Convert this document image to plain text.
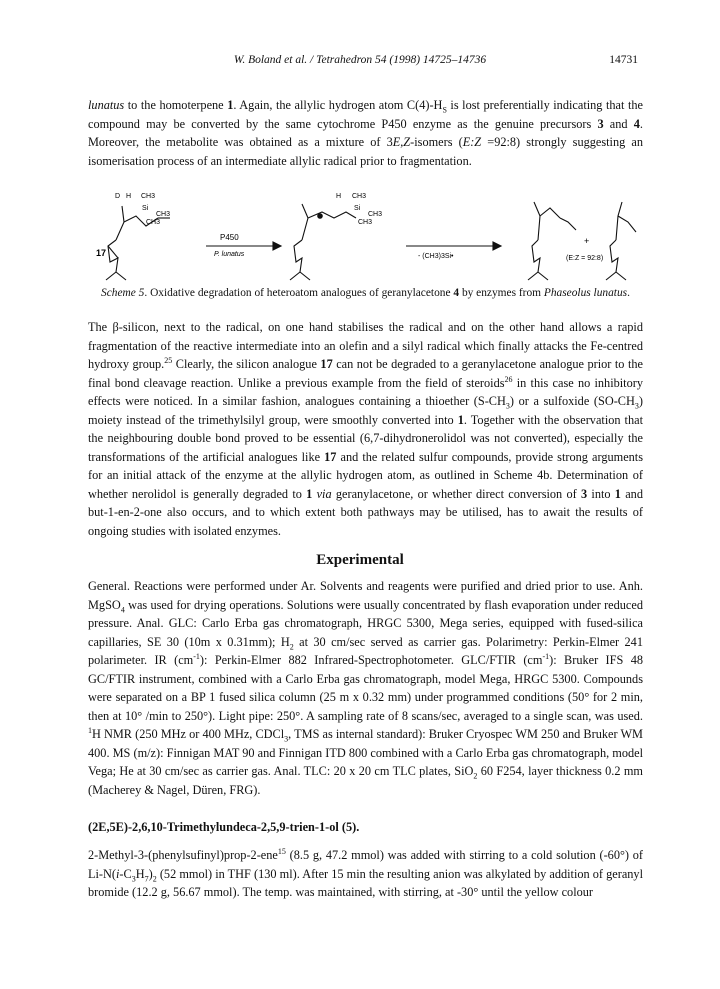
W. Boland et al. / Tetrahedron 54 (1998) 14725–14736	14731
lunatus to the homoterpene 1. Again, the allylic hydrogen atom $C(4)-H_S$ is lost preferentially indicating that the compound may be converted by the same cytochrome P450 enzyme as the genuine precursors 3 and 4. Moreover, the metabolite was obtained as a mixture of 3E,Z-isomers (E:Z =92:8) strongly suggesting an isomerisation process of an intermediate allylic radical prior to fragmentation.
D H CH3
Si
CH3
CH3
17
P450
P. lunatus
H CH3
Si
CH3
CH3
- (CH3)3Si•
+
(E:Z = 92:8)
Scheme 5. Oxidative degradation of heteroatom analogues of geranylacetone 4 by enzymes from Phaseolus lunatus.
The β-silicon, next to the radical, on one hand stabilises the radical and on the other hand allows a rapid fragmentation of the reactive intermediate into an olefin and a silyl radical which finally attacks the Fe-centred hydroxy group.$^{25}$ Clearly, the silicon analogue 17 can not be degraded to a geranylacetone analogue prior to the final bond cleavage reaction. Unlike a previous example from the field of steroids$^{26}$ in this case no inhibitory effects were noticed. In a similar fashion, analogues containing a thioether $(S-CH_3)$ or a sulfoxide $(SO-CH_3)$ moiety instead of the trimethylsilyl group, were smoothly converted into 1. Together with the observation that the neighbouring double bond proved to be essential (6,7-dihydronerolidol was not converted), especially the transformations of the artificial analogues like 17 and the related sulfur compounds, provide strong arguments for an initial attack of the enzyme at the allylic hydrogen atom, as outlined in Scheme 4b. Determination of whether nerolidol is generally degraded to 1 via geranylacetone, or whether direct conversion of 3 into 1 and but-1-en-2-one also occurs, and to which extent both pathways may be utilised, has to await the results of ongoing studies with isolated enzymes.
Experimental
General. Reactions were performed under Ar. Solvents and reagents were purified and dried prior to use. Anh. MgSO$_4$ was used for drying operations. Solutions were usually concentrated by flash evaporation under reduced pressure. Anal. GLC: Carlo Erba gas chromatograph, HRGC 5300, Mega series, equipped with fused-silica capillaries, SE 30 (10m x 0.31mm); $H_2$ at 30 cm/sec served as carrier gas. Polarimetry: Perkin-Elmer 241 polarimeter. IR $(cm^{-1})$: Perkin-Elmer 882 Infrared-Spectrophotometer. GLC/FTIR $(cm^{-1})$: Bruker IFS 48 GC/FTIR instrument, combined with a Carlo Erba gas chromatograph, model Mega, HRGC 5300. Compounds were separated on a BP 1 fused silica column (25 m x 0.32 mm) under programmed conditions (50° for 2 min, then at 10° /min to 250°). Light pipe: 250°. A sampling rate of 8 scans/sec, averaged to a single scan, was used. $^1$H NMR (250 MHz or 400 MHz, CDCl$_3$, TMS as internal standard): Bruker Cryospec WM 250 and Bruker WM 400. MS (m/z): Finnigan MAT 90 and Finnigan ITD 800 combined with a Carlo Erba gas chromatograph, model Vega; He at 30 cm/sec as carrier gas. Anal. TLC: 20 x 20 cm TLC plates, SiO$_2$ 60 F254, layer thickness 0.2 mm (Macherey & Nagel, Düren, FRG).
(2E,5E)-2,6,10-Trimethylundeca-2,5,9-trien-1-ol (5).
2-Methyl-3-(phenylsufinyl)prop-2-ene$^{15}$ (8.5 g, 47.2 mmol) was added with stirring to a cold solution (-60°) of $Li-N(i-C_3H_7)_2$ (52 mmol) in THF (130 ml). After 15 min the resulting anion was alkylated by addition of geranyl bromide (12.2 g, 56.67 mmol). The temp. was maintained, with stirring, at -30° until the yellow colour
